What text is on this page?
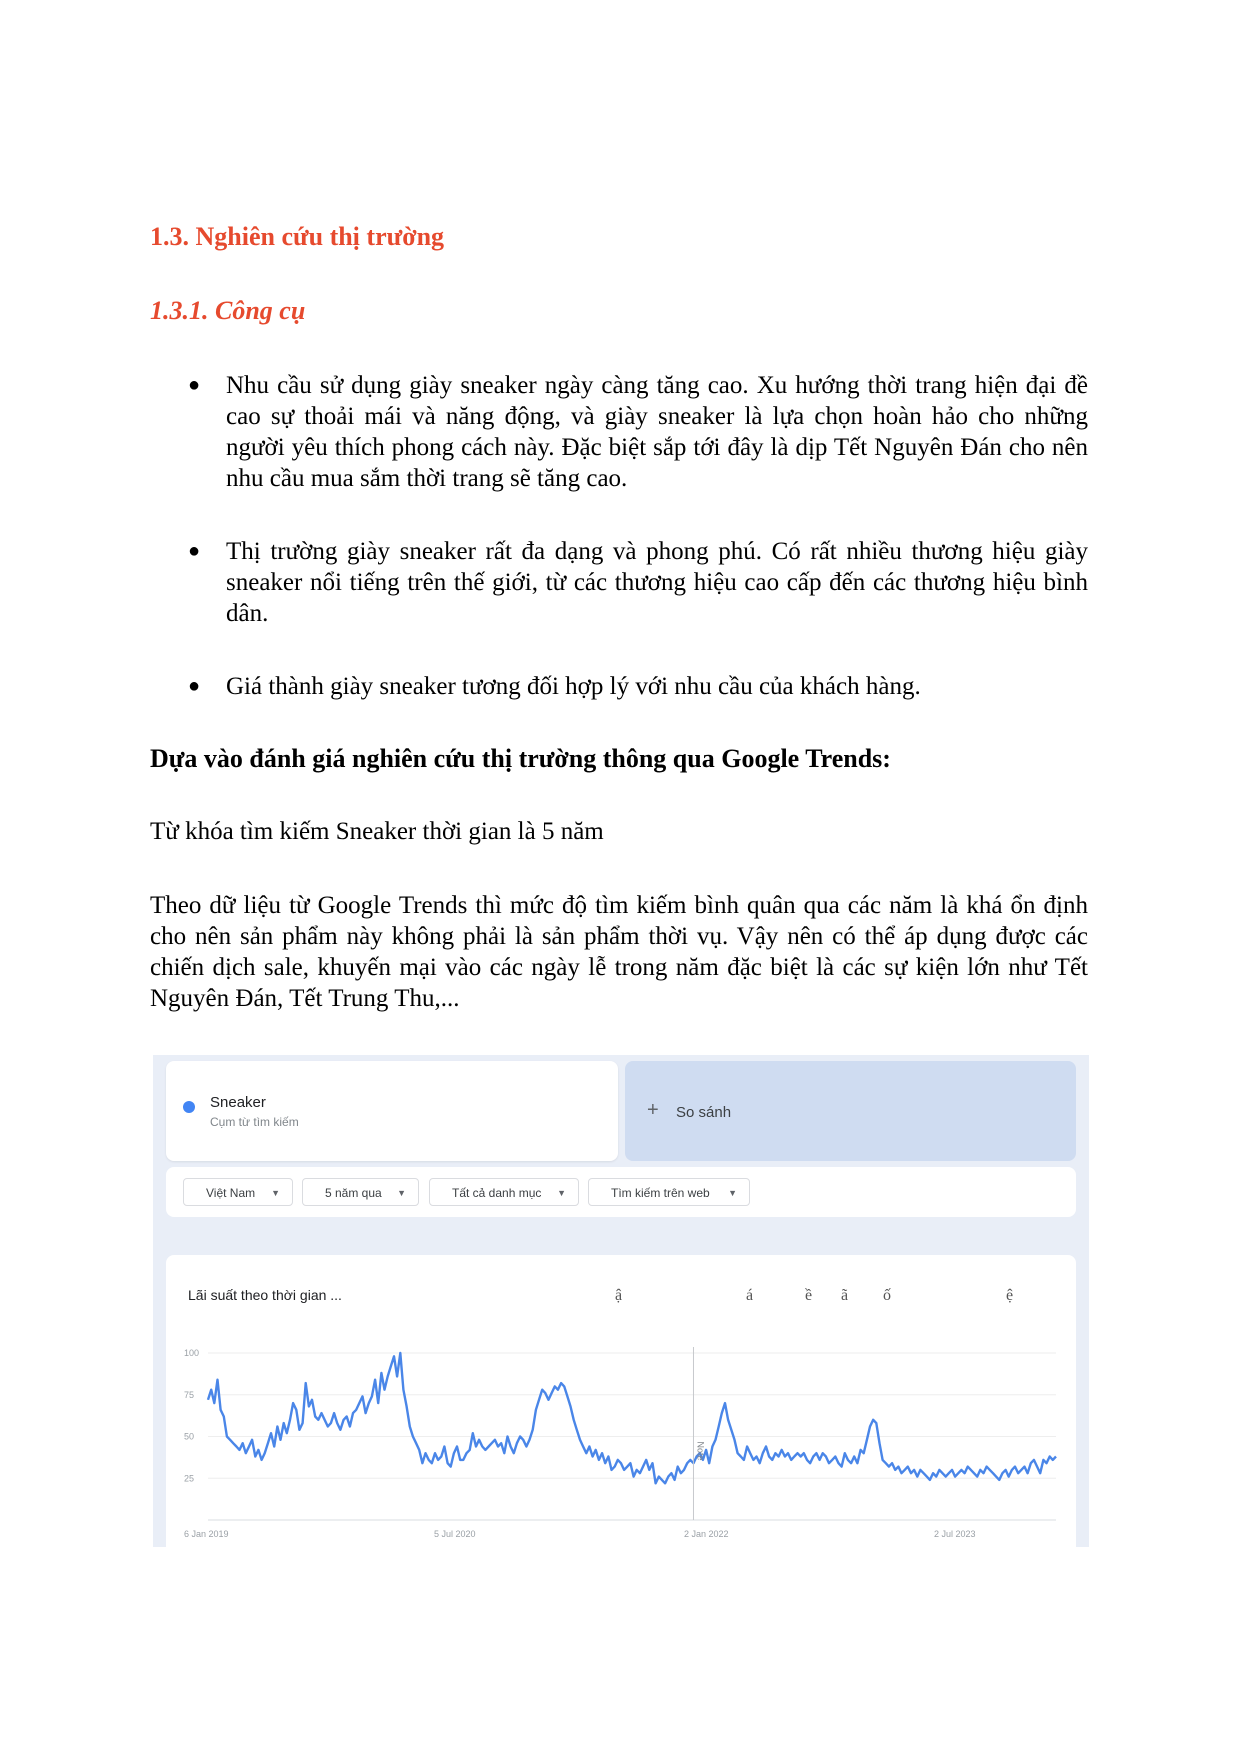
1.3. Nghiên cứu thị trường
1.3.1. Công cụ
● Nhu cầu sử dụng giày sneaker ngày càng tăng cao. Xu hướng thời trang hiện đại đề cao sự thoải mái và năng động, và giày sneaker là lựa chọn hoàn hảo cho những người yêu thích phong cách này. Đặc biệt sắp tới đây là dịp Tết Nguyên Đán cho nên nhu cầu mua sắm thời trang sẽ tăng cao.
● Thị trường giày sneaker rất đa dạng và phong phú. Có rất nhiều thương hiệu giày sneaker nổi tiếng trên thế giới, từ các thương hiệu cao cấp đến các thương hiệu bình dân.
● Giá thành giày sneaker tương đối hợp lý với nhu cầu của khách hàng.

Dựa vào đánh giá nghiên cứu thị trường thông qua Google Trends:

Từ khóa tìm kiếm Sneaker thời gian là 5 năm

Theo dữ liệu từ Google Trends thì mức độ tìm kiếm bình quân qua các năm là khá ổn định cho nên sản phẩm này không phải là sản phẩm thời vụ. Vậy nên có thể áp dụng được các chiến dịch sale, khuyến mại vào các ngày lễ trong năm đặc biệt là các sự kiện lớn như Tết Nguyên Đán, Tết Trung Thu,...

Sneaker
Cụm từ tìm kiếm
+ So sánh
Việt Nam ▼	5 năm qua ▼	Tất cả danh mục ▼	Tìm kiếm trên web ▼
Lãi suất theo thời gian ...	ậ	á	ề ã ố	ệ
100
75
50
25
6 Jan 2019	5 Jul 2020	2 Jan 2022	2 Jul 2023
Note
